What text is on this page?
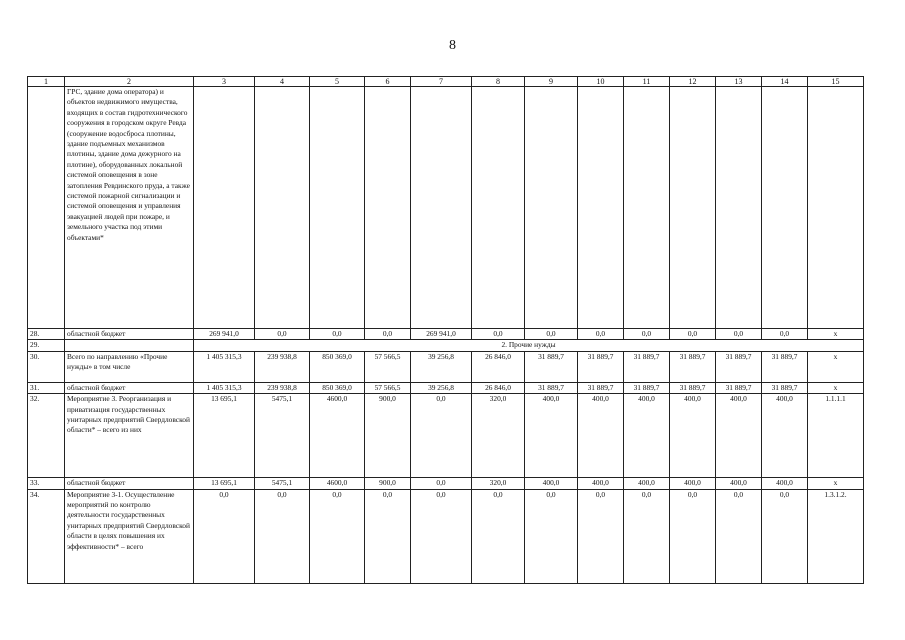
8
1	2	3	4	5	6	7	8	9	10	11	12	13	14	15
	ГРС, здание дома оператора) и объектов недвижимого имущества, входящих в состав гидротехнического сооружения в городском округе Ревда (сооружение водосброса плотины, здание подъемных механизмов плотины, здание дома дежурного на плотине), оборудованных локальной системой оповещения в зоне затопления Ревдинского пруда, а также системой пожарной сигнализации и системой оповещения и управления эвакуацией людей при пожаре, и земельного участка под этими объектами*													
28.	областной бюджет	269 941,0	0,0	0,0	0,0	269 941,0	0,0	0,0	0,0	0,0	0,0	0,0	0,0	x
29.		2. Прочие нужды												
30.	Всего по направлению «Прочие нужды» в том числе	1 405 315,3	239 938,8	850 369,0	57 566,5	39 256,8	26 846,0	31 889,7	31 889,7	31 889,7	31 889,7	31 889,7	31 889,7	x
31.	областной бюджет	1 405 315,3	239 938,8	850 369,0	57 566,5	39 256,8	26 846,0	31 889,7	31 889,7	31 889,7	31 889,7	31 889,7	31 889,7	x
32.	Мероприятие 3. Реорганизация и приватизация государственных унитарных предприятий Свердловской области* – всего из них	13 695,1	5475,1	4600,0	900,0	0,0	320,0	400,0	400,0	400,0	400,0	400,0	400,0	1.1.1.1
33.	областной бюджет	13 695,1	5475,1	4600,0	900,0	0,0	320,0	400,0	400,0	400,0	400,0	400,0	400,0	x
34.	Мероприятие 3-1. Осуществление мероприятий по контролю деятельности государственных унитарных предприятий Свердловской области в целях повышения их эффективности* – всего	0,0	0,0	0,0	0,0	0,0	0,0	0,0	0,0	0,0	0,0	0,0	0,0	1.3.1.2.
